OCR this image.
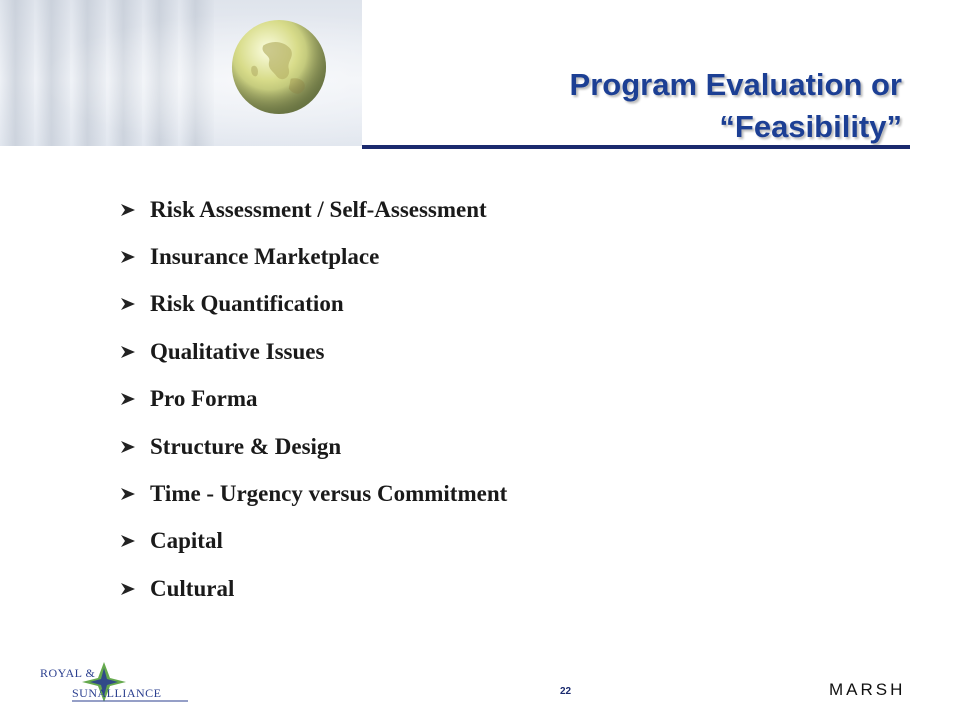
Program Evaluation or
“Feasibility”
Risk Assessment / Self-Assessment
Insurance Marketplace
Risk Quantification
Qualitative Issues
Pro Forma
Structure & Design
Time - Urgency versus Commitment
Capital
Cultural
ROYAL &
SUNALLIANCE	22	MARSH
